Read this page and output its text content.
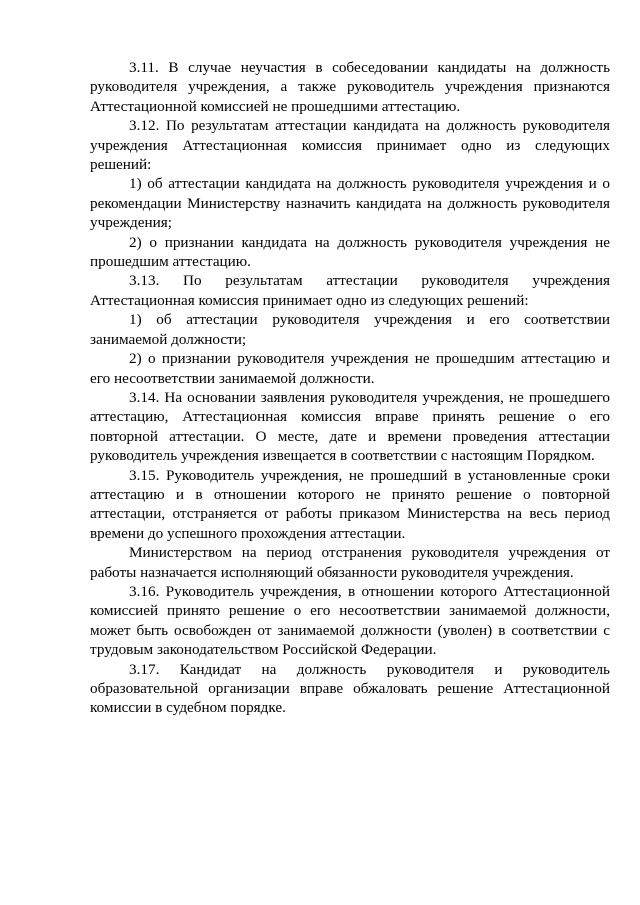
3.11. В случае неучастия в собеседовании кандидаты на должность руководителя учреждения, а также руководитель учреждения признаются Аттестационной комиссией не прошедшими аттестацию.

3.12. По результатам аттестации кандидата на должность руководителя учреждения Аттестационная комиссия принимает одно из следующих решений:

1) об аттестации кандидата на должность руководителя учреждения и о рекомендации Министерству назначить кандидата на должность руководителя учреждения;

2) о признании кандидата на должность руководителя учреждения не прошедшим аттестацию.

3.13. По результатам аттестации руководителя учреждения Аттестационная комиссия принимает одно из следующих решений:

1) об аттестации руководителя учреждения и его соответствии занимаемой должности;

2) о признании руководителя учреждения не прошедшим аттестацию и его несоответствии занимаемой должности.

3.14. На основании заявления руководителя учреждения, не прошедшего аттестацию, Аттестационная комиссия вправе принять решение о его повторной аттестации. О месте, дате и времени проведения аттестации руководитель учреждения извещается в соответствии с настоящим Порядком.

3.15. Руководитель учреждения, не прошедший в установленные сроки аттестацию и в отношении которого не принято решение о повторной аттестации, отстраняется от работы приказом Министерства на весь период времени до успешного прохождения аттестации.

Министерством на период отстранения руководителя учреждения от работы назначается исполняющий обязанности руководителя учреждения.

3.16. Руководитель учреждения, в отношении которого Аттестационной комиссией принято решение о его несоответствии занимаемой должности, может быть освобожден от занимаемой должности (уволен) в соответствии с трудовым законодательством Российской Федерации.

3.17. Кандидат на должность руководителя и руководитель образовательной организации вправе обжаловать решение Аттестационной комиссии в судебном порядке.
